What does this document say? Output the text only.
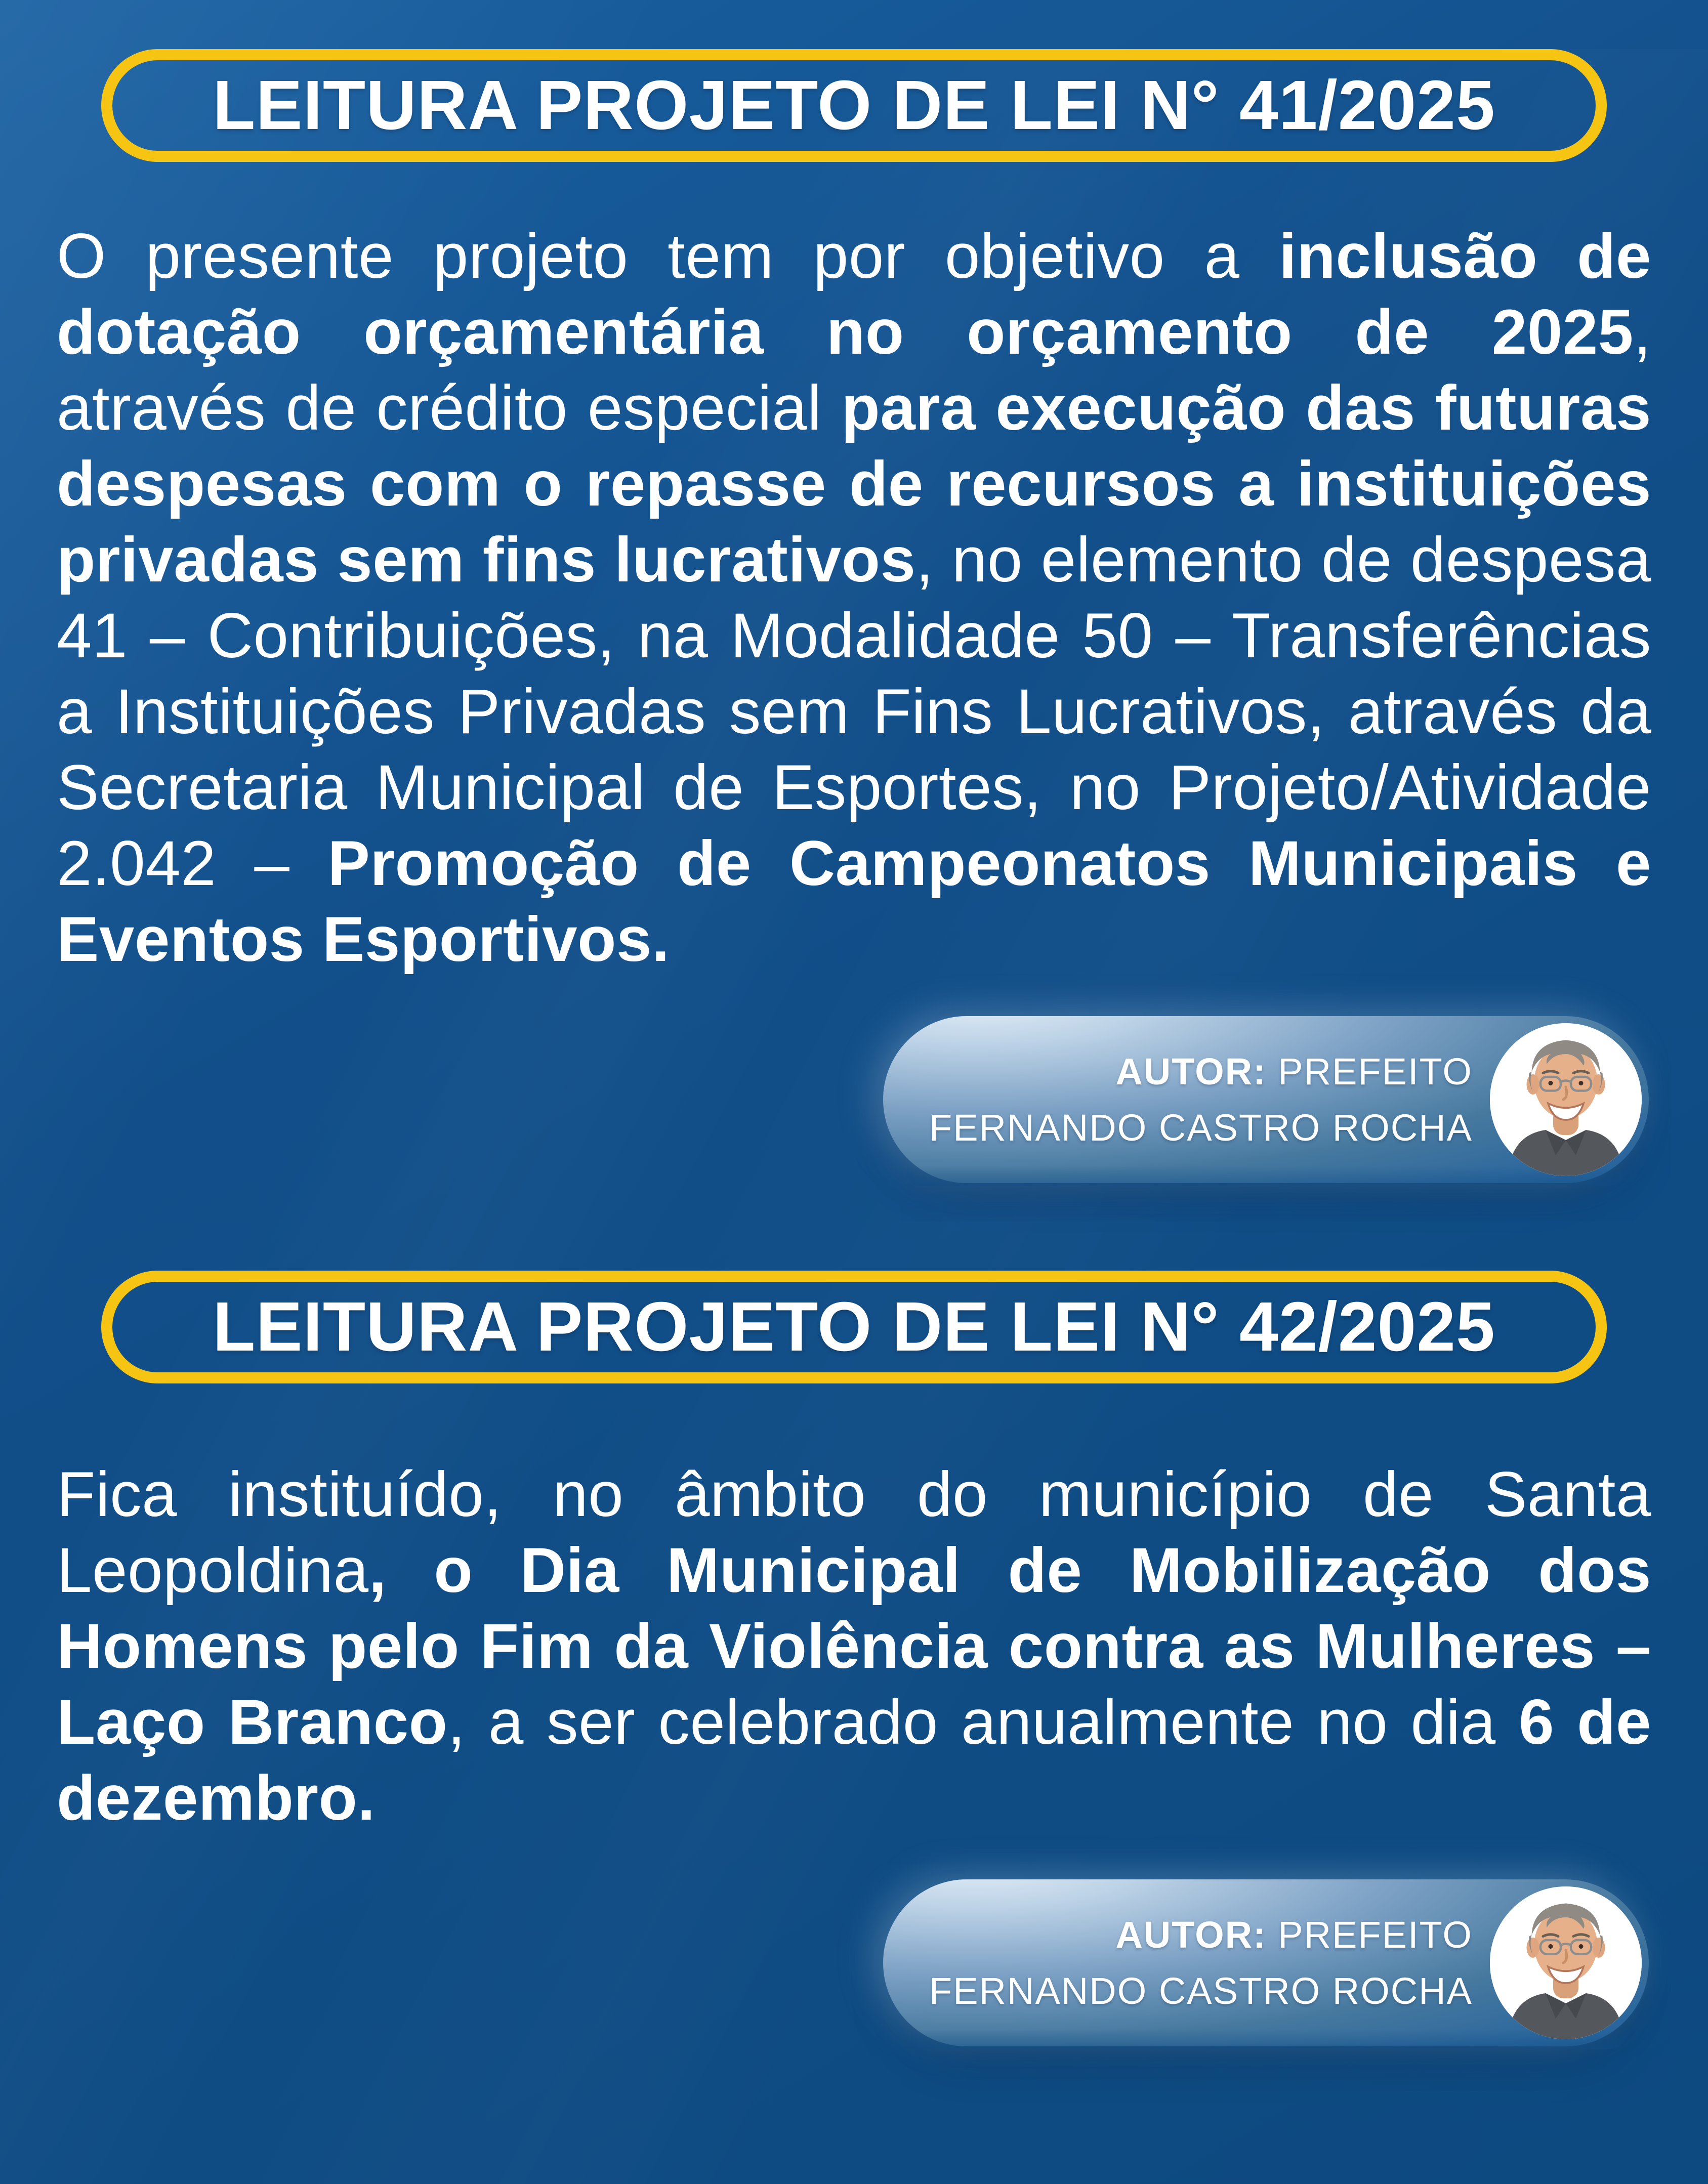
LEITURA PROJETO DE LEI N° 41/2025

O presente projeto tem por objetivo a inclusão de dotação orçamentária no orçamento de 2025, através de crédito especial para execução das futuras despesas com o repasse de recursos a instituições privadas sem fins lucrativos, no elemento de despesa 41 – Contribuições, na Modalidade 50 – Transferências a Instituições Privadas sem Fins Lucrativos, através da Secretaria Municipal de Esportes, no Projeto/Atividade 2.042 – Promoção de Campeonatos Municipais e Eventos Esportivos.

AUTOR: PREFEITO
FERNANDO CASTRO ROCHA
LEITURA PROJETO DE LEI N° 42/2025

Fica instituído, no âmbito do município de Santa Leopoldina, o Dia Municipal de Mobilização dos Homens pelo Fim da Violência contra as Mulheres – Laço Branco, a ser celebrado anualmente no dia 6 de dezembro.

AUTOR: PREFEITO
FERNANDO CASTRO ROCHA
